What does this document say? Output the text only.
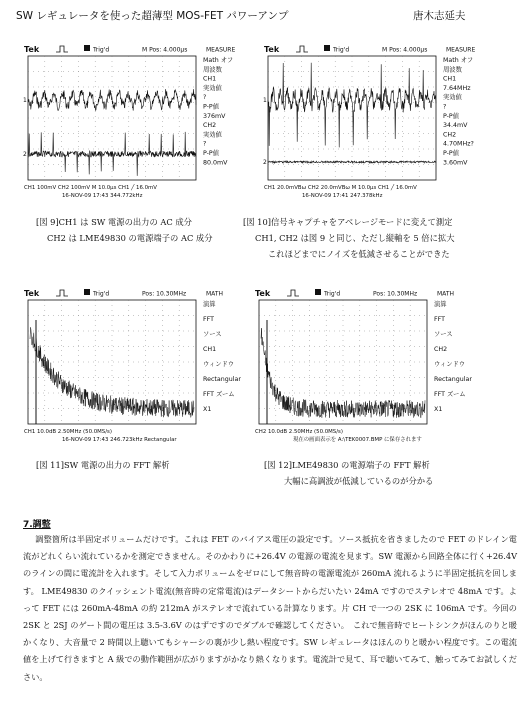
SW レギュレータを使った超薄型 MOS-FET パワーアンプ	唐木志延夫
Tek	Trig'd	M Pos: 4.000μs	MEASURE
Math オフ
周波数
CH1
実効値
?
P-P値
376mV
CH2
実効値
?
P-P値
80.0mV
CH1 100mV CH2 100mV M 10.0μs CH1 ╱ 16.0mV
16-NOV-09 17:43 344.772kHz
1
2
[図 9]CH1 は SW 電源の出力の AC 成分
CH2 は LME49830 の電源端子の AC 成分
Tek	Trig'd	M Pos: 4.000μs	MEASURE
Math オフ
周波数
CH1
7.64MHz
実効値
?
P-P値
34.4mV
CH2
4.70MHz?
P-P値
3.60mV
CH1 20.0mVBω CH2 20.0mVBω M 10.0μs CH1 ╱ 16.0mV
16-NOV-09 17:41 247.378kHz
1
2
[図 10]信号キャプチャをアベレージモードに変えて測定
CH1, CH2 は図 9 と同じ、ただし縦軸を 5 倍に拡大
これほどまでにノイズを低減させることができた
Tek	Trig'd	Pos: 10.30MHz	MATH
演算
FFT
ソース
CH1
ウィンドウ
Rectangular
FFT ズーム
X1
CH1 10.0dB 2.50MHz (50.0MS/s)
16-NOV-09 17:43 246.723kHz Rectangular
[図 11]SW 電源の出力の FFT 解析
Tek	Trig'd	Pos: 10.30MHz	MATH
演算
FFT
ソース
CH2
ウィンドウ
Rectangular
FFT ズーム
X1
CH2 10.0dB 2.50MHz (50.0MS/s)
現在の画面表示を A:\TEK0007.BMP に保存されます
[図 12]LME49830 の電源端子の FFT 解析
大幅に高調波が低減しているのが分かる
7.調整

調整箇所は半固定ボリュームだけです。これは FET のバイアス電圧の設定です。ソース抵抗を省きましたので FET のドレイン電流がどれくらい流れているかを測定できません。そのかわりに+26.4V の電源の電流を見ます。SW 電源から回路全体に行く+26.4V のラインの間に電流計を入れます。そして入力ボリュームをゼロにして無音時の電源電流が 260mA 流れるように半固定抵抗を回します。 LME49830 のクイッシェント電流(無音時の定常電流)はデータシートからだいたい 24mA ですのでステレオで 48mA です。よって FET には 260mA-48mA の約 212mA がステレオで流れている計算なります。片 CH で一つの 2SK に 106mA です。今回の 2SK と 2SJ のゲート間の電圧は 3.5-3.6V のはずですのでダブルで確認してください。　これで無音時でヒートシンクがほんのりと暖かくなり、大音量で 2 時間以上聴いてもシャーシの裏が少し熱い程度です。SW レギュレータはほんのりと暖かい程度です。この電流値を上げて行きますと A 級での動作範囲が広がりますがかなり熱くなります。電流計で見て、耳で聴いてみて、触ってみてお試しください。
